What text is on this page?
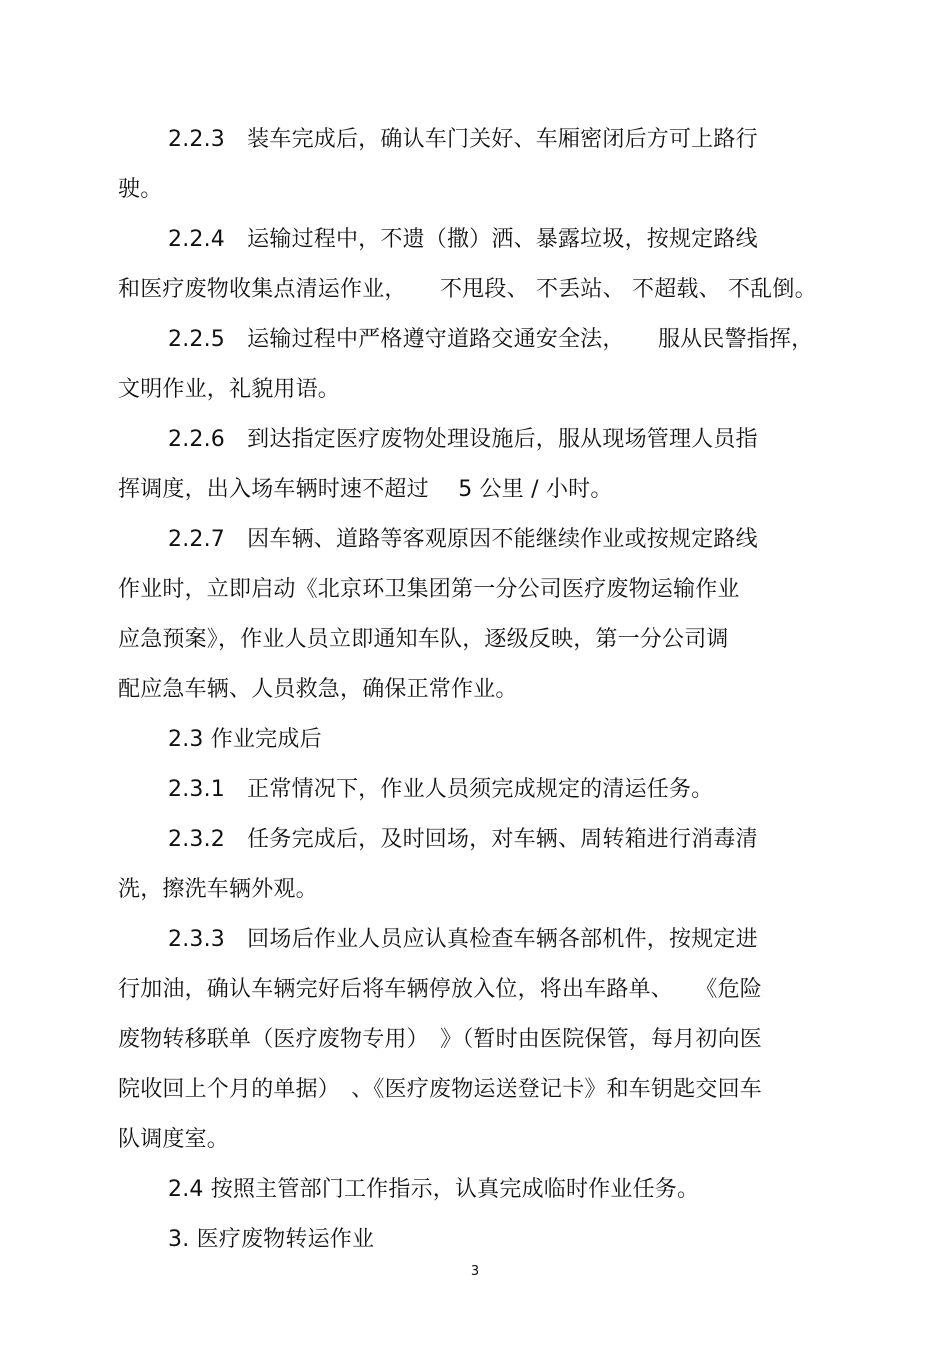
2.2.3　装车完成后，确认车门关好、车厢密闭后方可上路行
驶。
2.2.4　运输过程中，不遗（撒）洒、暴露垃圾，按规定路线
和医疗废物收集点清运作业，　　不甩段、 不丢站、 不超载、 不乱倒。
2.2.5　运输过程中严格遵守道路交通安全法，　　服从民警指挥，
文明作业，礼貌用语。
2.2.6　到达指定医疗废物处理设施后，服从现场管理人员指
挥调度，出入场车辆时速不超过　 5 公里 / 小时。
2.2.7　因车辆、道路等客观原因不能继续作业或按规定路线
作业时，立即启动《北京环卫集团第一分公司医疗废物运输作业
应急预案》，作业人员立即通知车队，逐级反映，第一分公司调
配应急车辆、人员救急，确保正常作业。
2.3 作业完成后
2.3.1　正常情况下，作业人员须完成规定的清运任务。
2.3.2　任务完成后，及时回场，对车辆、周转箱进行消毒清
洗，擦洗车辆外观。
2.3.3　回场后作业人员应认真检查车辆各部机件，按规定进
行加油，确认车辆完好后将车辆停放入位，将出车路单、　　《危险
废物转移联单（医疗废物专用）　》（暂时由医院保管，每月初向医
院收回上个月的单据）　、《医疗废物运送登记卡》和车钥匙交回车
队调度室。
2.4 按照主管部门工作指示，认真完成临时作业任务。
3. 医疗废物转运作业
3
